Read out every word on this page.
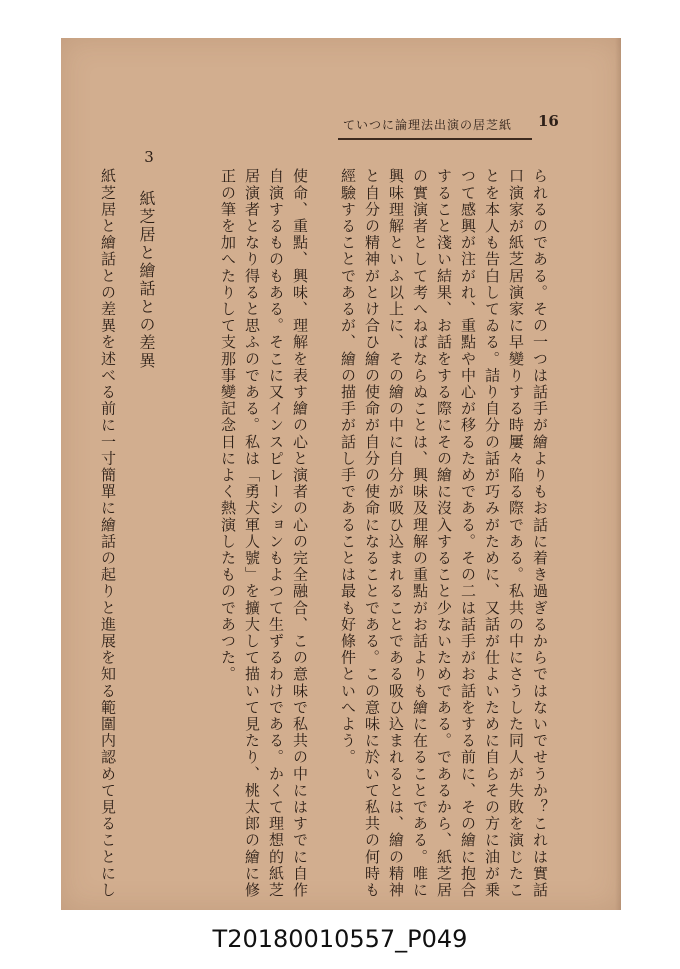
ていつに論理法出演の居芝紙 16
られるのである。その一つは話手が繪よりもお話に着き過ぎるからではないでせうか？これは實話
口演家が紙芝居演家に早變りする時屢々陥る際である。私共の中にさうした同人が失敗を演じたこ
とを本人も告白してゐる。詰り自分の話が巧みがために、又話が仕よいために自らその方に油が乗
つて感興が注がれ、重點や中心が移るためである。その二は話手がお話をする前に、その繪に抱合
すること淺い結果、お話をする際にその繪に沒入すること少ないためである。であるから、紙芝居
の實演者として考へねばならぬことは、興味及理解の重點がお話よりも繪に在ることである。唯に
興味理解といふ以上に、その繪の中に自分が吸ひ込まれることである吸ひ込まれるとは、繪の精神
と自分の精神がとけ合ひ繪の使命が自分の使命になることである。この意味に於いて私共の何時も
經驗することであるが、繪の描手が話し手であることは最も好條件といへよう。
使命、重點、興味、理解を表す繪の心と演者の心の完全融合、この意味で私共の中にはすでに自作
自演するものもある。そこに又インスピレーションもよつて生ずるわけである。かくて理想的紙芝
居演者となり得ると思ふのである。私は「勇犬軍人號」を擴大して描いて見たり、桃太郎の繪に修
正の筆を加へたりして支那事變記念日によく熱演したものであつた。
3
紙芝居と繪話との差異
紙芝居と繪話との差異を述べる前に一寸簡單に繪話の起りと進展を知る範圍内認めて見ることにし
T20180010557_P049
